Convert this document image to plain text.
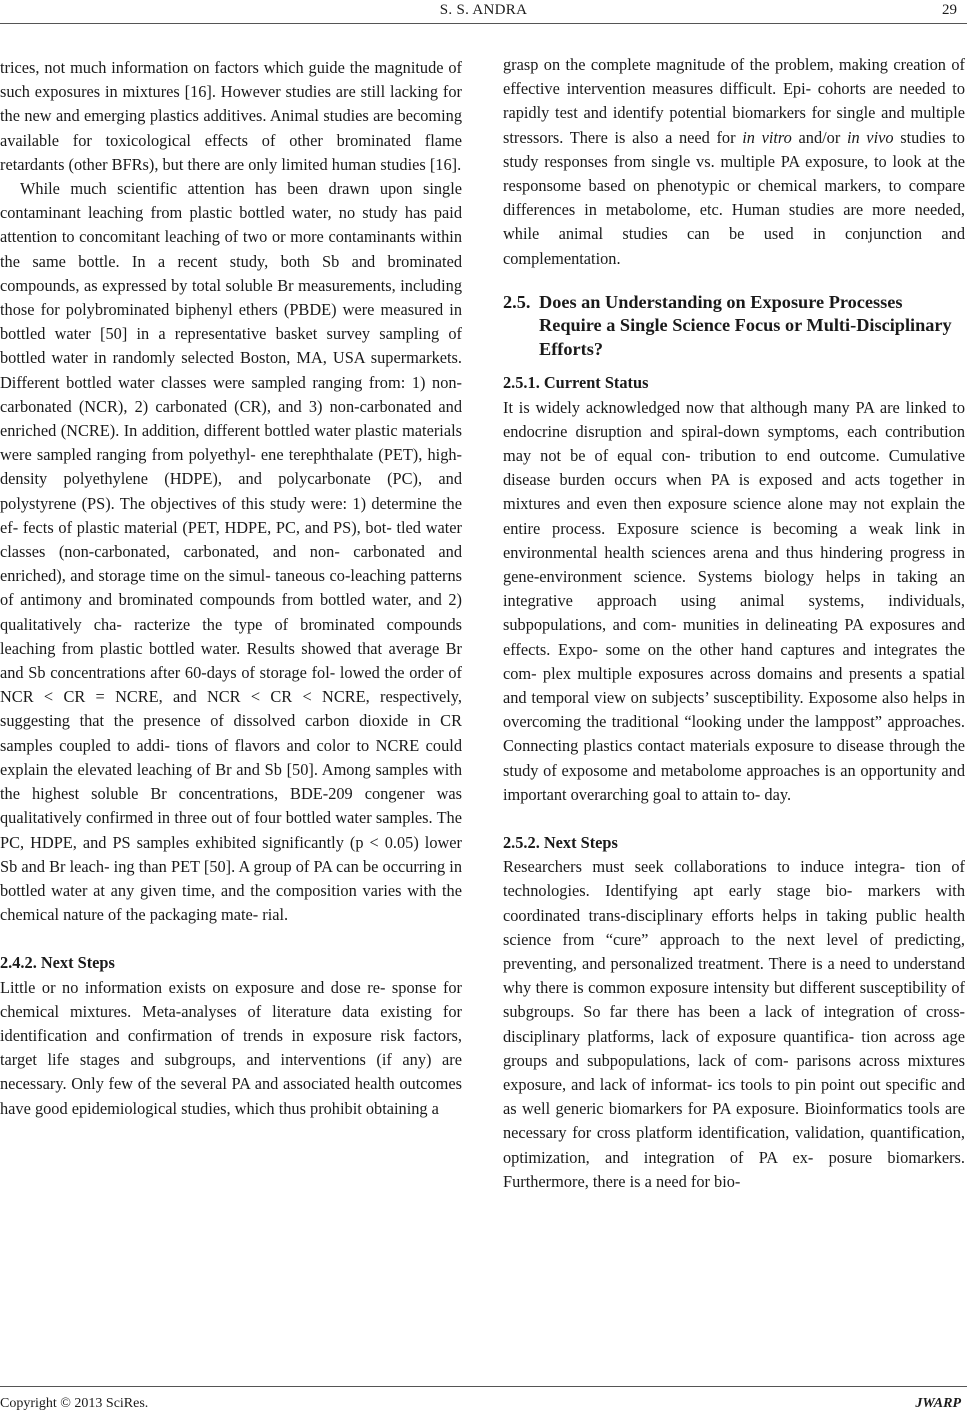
S. S. ANDRA	29

trices, not much information on factors which guide the magnitude of such exposures in mixtures [16]. However studies are still lacking for the new and emerging plastics additives. Animal studies are becoming available for toxicological effects of other brominated flame retardants (other BFRs), but there are only limited human studies [16].

While much scientific attention has been drawn upon single contaminant leaching from plastic bottled water, no study has paid attention to concomitant leaching of two or more contaminants within the same bottle. In a recent study, both Sb and brominated compounds, as expressed by total soluble Br measurements, including those for polybrominated biphenyl ethers (PBDE) were measured in bottled water [50] in a representative basket survey sampling of bottled water in randomly selected Boston, MA, USA supermarkets. Different bottled water classes were sampled ranging from: 1) non-carbonated (NCR), 2) carbonated (CR), and 3) non-carbonated and enriched (NCRE). In addition, different bottled water plastic materials were sampled ranging from polyethyl- ene terephthalate (PET), high-density polyethylene (HDPE), and polycarbonate (PC), and polystyrene (PS). The objectives of this study were: 1) determine the ef- fects of plastic material (PET, HDPE, PC, and PS), bot- tled water classes (non-carbonated, carbonated, and non- carbonated and enriched), and storage time on the simul- taneous co-leaching patterns of antimony and brominated compounds from bottled water, and 2) qualitatively cha- racterize the type of brominated compounds leaching from plastic bottled water. Results showed that average Br and Sb concentrations after 60-days of storage fol- lowed the order of NCR < CR = NCRE, and NCR < CR < NCRE, respectively, suggesting that the presence of dissolved carbon dioxide in CR samples coupled to addi- tions of flavors and color to NCRE could explain the elevated leaching of Br and Sb [50]. Among samples with the highest soluble Br concentrations, BDE-209 congener was qualitatively confirmed in three out of four bottled water samples. The PC, HDPE, and PS samples exhibited significantly (p < 0.05) lower Sb and Br leach- ing than PET [50]. A group of PA can be occurring in bottled water at any given time, and the composition varies with the chemical nature of the packaging mate- rial.

2.4.2. Next Steps

Little or no information exists on exposure and dose re- sponse for chemical mixtures. Meta-analyses of literature data existing for identification and confirmation of trends in exposure risk factors, target life stages and subgroups, and interventions (if any) are necessary. Only few of the several PA and associated health outcomes have good epidemiological studies, which thus prohibit obtaining a

grasp on the complete magnitude of the problem, making creation of effective intervention measures difficult. Epi- cohorts are needed to rapidly test and identify potential biomarkers for single and multiple stressors. There is also a need for in vitro and/or in vivo studies to study responses from single vs. multiple PA exposure, to look at the responsome based on phenotypic or chemical markers, to compare differences in metabolome, etc. Human studies are more needed, while animal studies can be used in conjunction and complementation.

2.5. Does an Understanding on Exposure Processes Require a Single Science Focus or Multi-Disciplinary Efforts?

2.5.1. Current Status

It is widely acknowledged now that although many PA are linked to endocrine disruption and spiral-down symptoms, each contribution may not be of equal con- tribution to end outcome. Cumulative disease burden occurs when PA is exposed and acts together in mixtures and even then exposure science alone may not explain the entire process. Exposure science is becoming a weak link in environmental health sciences arena and thus hindering progress in gene-environment science. Systems biology helps in taking an integrative approach using animal systems, individuals, subpopulations, and com- munities in delineating PA exposures and effects. Expo- some on the other hand captures and integrates the com- plex multiple exposures across domains and presents a spatial and temporal view on subjects’ susceptibility. Exposome also helps in overcoming the traditional “looking under the lamppost” approaches. Connecting plastics contact materials exposure to disease through the study of exposome and metabolome approaches is an opportunity and important overarching goal to attain to- day.

2.5.2. Next Steps

Researchers must seek collaborations to induce integra- tion of technologies. Identifying apt early stage bio- markers with coordinated trans-disciplinary efforts helps in taking public health science from “cure” approach to the next level of predicting, preventing, and personalized treatment. There is a need to understand why there is common exposure intensity but different susceptibility of subgroups. So far there has been a lack of integration of cross-disciplinary platforms, lack of exposure quantifica- tion across age groups and subpopulations, lack of com- parisons across mixtures exposure, and lack of informat- ics tools to pin point out specific and as well generic biomarkers for PA exposure. Bioinformatics tools are necessary for cross platform identification, validation, quantification, optimization, and integration of PA ex- posure biomarkers. Furthermore, there is a need for bio-

Copyright © 2013 SciRes.	JWARP
